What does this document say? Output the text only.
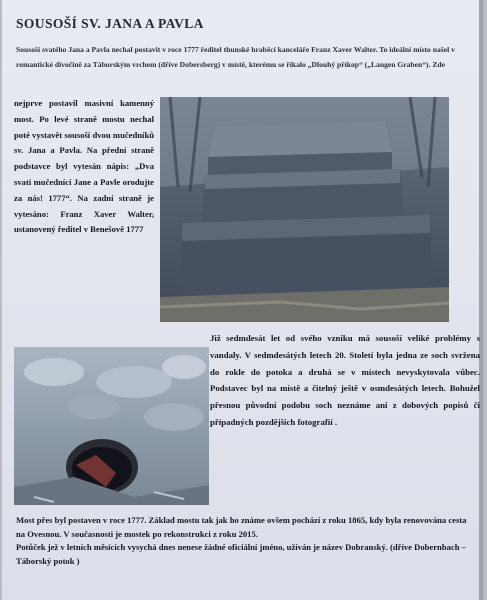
SOUSOŠÍ SV. JANA A PAVLA
Sousoší svatého Jana a Pavla nechal postavit v roce 1777 ředitel thunské hraběcí kanceláře Franz Xaver Walter. To ideální místo našel v romantické divočině za Táborským vrchem (dříve Dobersberg) v místě, kterému se říkalo „Dlouhý příkop“ („Langen Graben“). Zde
nejprve postavil masivní kamenný most. Po levé straně mostu nechal poté vystavět sousoší dvou mučedníků sv. Jana a Pavla. Na přední straně podstavce byl vytesán nápis: „Dva svatí mučedníci Jane a Pavle orodujte za nás! 1777“. Na zadní straně je vytesáno: Franz Xaver Walter, ustanovený ředitel v Benešově 1777
Již sedmdesát let od svého vzniku má sousoší veliké problémy s vandaly. V sedmdesátých letech 20. Století byla jedna ze soch svržena do rokle do potoka a druhá se v místech nevyskytovala vůbec. Podstavec byl na místě a čitelný ještě v osmdesátých letech. Bohužel přesnou původní podobu soch neznáme ani z dobových popisů či případných pozdějších fotografií .
Most přes byl postaven v roce 1777. Základ mostu tak jak ho známe ovšem pochází z roku 1865, kdy byla renovována cesta na Ovesnou. V současnosti je mostek po rekonstrukci z roku 2015.
Potůček jež v letních měsících vysychá dnes nenese žádné oficiální jméno, užíván je název Dobranský. (dříve Dobernbach – Táborský potok )
